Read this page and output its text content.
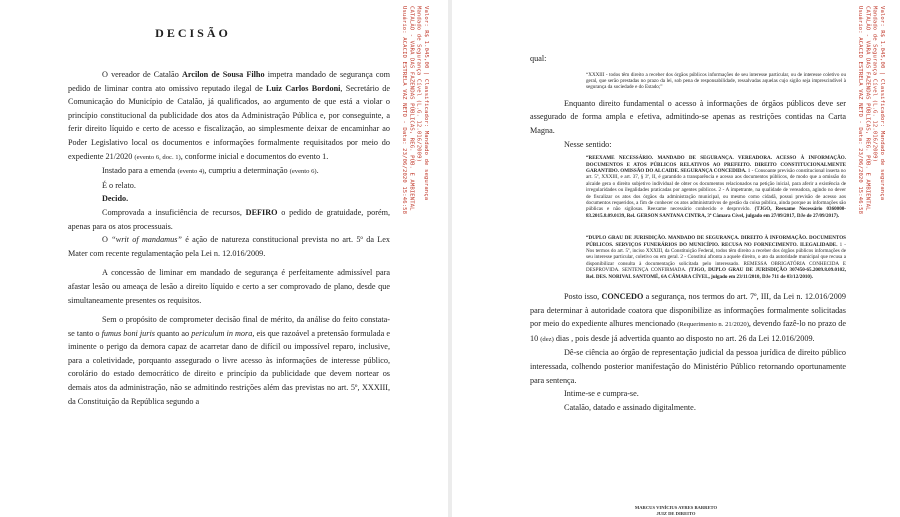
DECISÃO

O vereador de Catalão Arcilon de Sousa Filho impetra mandado de segurança com pedido de liminar contra ato omissivo reputado ilegal de Luiz Carlos Bordoni, Secretário de Comunicação do Município de Catalão, já qualificados, ao argumento de que está a violar o princípio constitucional da publicidade dos atos da Administração Pública e, por conseguinte, a ferir direito líquido e certo de acesso e fiscalização, ao simplesmente deixar de encaminhar ao Poder Legislativo local os documentos e informações formalmente requisitados por meio do expediente 21/2020 (evento 6, doc. 1), conforme inicial e documentos do evento 1.

Instado para a emenda (evento 4), cumpriu a determinação (evento 6).

É o relato.

Decido.

Comprovada a insuficiência de recursos, DEFIRO o pedido de gratuidade, porém, apenas para os atos processuais.

O “writ of mandamus” é ação de natureza constitucional prevista no art. 5º da Lex Mater com recente regulamentação pela Lei n. 12.016/2009.

A concessão de liminar em mandado de segurança é perfeitamente admissível para afastar lesão ou ameaça de lesão a direito líquido e certo a ser comprovado de plano, desde que simultaneamente presentes os requisitos.

Sem o propósito de comprometer decisão final de mérito, da análise do feito constata-se tanto o fumus boni juris quanto ao periculum in mora, eis que razoável a pretensão formulada e iminente o perigo da demora capaz de acarretar dano de difícil ou impossível reparo, inclusive, para a coletividade, porquanto assegurado o livre acesso às informações de interesse público, corolário do estado democrático de direito e princípio da publicidade que devem nortear os demais atos da administração, não se admitindo restrições além das previstas no art. 5º, XXXIII, da Constituição da República segundo a

Valor: R$ 1.045,00 | Classificador: Mandado de segurança
Mandado de Segurança Cível (L.G. 12.016/2009)
CATALÃO - VARA DAS FAZENDAS PÚBLICAS, REG. PÚB. E AMBIENTAL
Usuário: ACACIO ESTRELA VAZ NETO - Data: 23/06/2020 15:46:58	qual:

“XXXIII - todos têm direito a receber dos órgãos públicos informações de seu interesse particular, ou de interesse coletivo ou geral, que serão prestadas no prazo da lei, sob pena de responsabilidade, ressalvadas aquelas cujo sigilo seja imprescindível à segurança da sociedade e do Estado;”

Enquanto direito fundamental o acesso à informações de órgãos públicos deve ser assegurado de forma ampla e efetiva, admitindo-se apenas as restrições contidas na Carta Magna.

Nesse sentido:

“REEXAME NECESSÁRIO. MANDADO DE SEGURANÇA. VEREADORA. ACESSO À INFORMAÇÃO. DOCUMENTOS E ATOS PÚBLICOS RELATIVOS AO PREFEITO. DIREITO CONSTITUCIONALMENTE GARANTIDO. OMISSÃO DO ALCAIDE. SEGURANÇA CONCEDIDA. 1 - Consoante previsão constitucional inserta no art. 5º, XXXIII, e art. 37, § 3º, II, é garantido a transparência e acesso aos documentos públicos, de modo que a omissão do alcaide gera o direito subjetivo individual de obter os documentos relacionados na petição inicial, para aferir a existência de irregularidades ou ilegalidades praticadas por agentes públicos. 2 - A impetrante, na qualidade de vereadora, agindo no dever de fiscalizar os atos dos órgãos da administração municipal, ou mesmo como cidadã, possui previsão de acesso aos documentos requeridos, a fim de conhecer os atos administrativos de gestão da coisa pública, ainda porque as informações são públicas e não sigilosas. Reexame necessário conhecido e desprovido. (TJGO, Reexame Necessário 0360000-83.2015.8.09.0139, Rel. GERSON SANTANA CINTRA, 3ª Câmara Cível, julgado em 27/09/2017, DJe de 27/09/2017).

“DUPLO GRAU DE JURISDIÇÃO. MANDADO DE SEGURANÇA. DIREITO À INFORMAÇÃO. DOCUMENTOS PÚBLICOS. SERVIÇOS FUNERÁRIOS DO MUNICÍPIO. RECUSA NO FORNECIMENTO. ILEGALIDADE. 1 - Nos termos do art. 5º, inciso XXXIII, da Constituição Federal, todos têm direito a receber dos órgãos públicos informações de seu interesse particular, coletivo ou em geral. 2 - Constitui afronta a aquele direito, o ato da autoridade municipal que recusa a disponibilizar consulta à documentação solicitada pelo interessado. REMESSA OBRIGATÓRIA CONHECIDA E DESPROVIDA. SENTENÇA CONFIRMADA. (TJGO, DUPLO GRAU DE JURISDIÇÃO 307450-65.2009.8.09.0102, Rel. DES. NORIVAL SANTOMÉ, 6A CÂMARA CÍVEL, julgado em 23/11/2010, DJe 711 de 03/12/2010).

Posto isso, CONCEDO a segurança, nos termos do art. 7º, III, da Lei n. 12.016/2009 para determinar à autoridade coatora que disponibilize as informações formalmente solicitadas por meio do expediente alhures mencionado (Requerimento n. 21/2020), devendo fazê-lo no prazo de 10 (dez) dias , pois desde já advertida quanto ao disposto no art. 26 da Lei 12.016/2009.

Dê-se ciência ao órgão de representação judicial da pessoa jurídica de direito público interessada, colhendo posterior manifestação do Ministério Público retornando oportunamente para sentença.

Intime-se e cumpra-se.

Catalão, datado e assinado digitalmente.

MARCUS VINÍCIUS AYRES BARRETO
JUIZ DE DIREITO
Valor: R$ 1.045,00 | Classificador: Mandado de segurança
Mandado de Segurança Cível (L.G. 12.016/2009)
CATALÃO - VARA DAS FAZENDAS PÚBLICAS, REG. PÚB. E AMBIENTAL
Usuário: ACACIO ESTRELA VAZ NETO - Data: 23/06/2020 15:46:58
